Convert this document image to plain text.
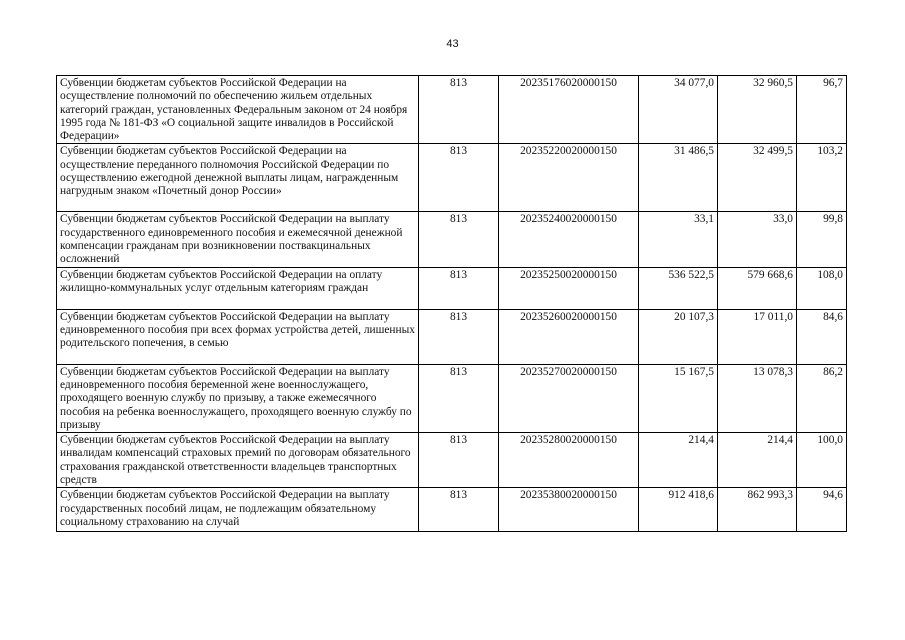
43
Субвенции бюджетам субъектов Российской Федерации на осуществление полномочий по обеспечению жильем отдельных категорий граждан, установленных Федеральным законом от 24 ноября 1995 года № 181-ФЗ «О социальной защите инвалидов в Российской Федерации»	813	20235176020000150	34 077,0	32 960,5	96,7
Субвенции бюджетам субъектов Российской Федерации на осуществление переданного полномочия Российской Федерации по осуществлению ежегодной денежной выплаты лицам, награжденным нагрудным знаком «Почетный донор России»	813	20235220020000150	31 486,5	32 499,5	103,2
Субвенции бюджетам субъектов Российской Федерации на выплату государственного единовременного пособия и ежемесячной денежной компенсации гражданам при возникновении поствакцинальных осложнений	813	20235240020000150	33,1	33,0	99,8
Субвенции бюджетам субъектов Российской Федерации на оплату жилищно-коммунальных услуг отдельным категориям граждан	813	20235250020000150	536 522,5	579 668,6	108,0
Субвенции бюджетам субъектов Российской Федерации на выплату единовременного пособия при всех формах устройства детей, лишенных родительского попечения, в семью	813	20235260020000150	20 107,3	17 011,0	84,6
Субвенции бюджетам субъектов Российской Федерации на выплату единовременного пособия беременной жене военнослужащего, проходящего военную службу по призыву, а также ежемесячного пособия на ребенка военнослужащего, проходящего военную службу по призыву	813	20235270020000150	15 167,5	13 078,3	86,2
Субвенции бюджетам субъектов Российской Федерации на выплату инвалидам компенсаций страховых премий по договорам обязательного страхования гражданской ответственности владельцев транспортных средств	813	20235280020000150	214,4	214,4	100,0
Субвенции бюджетам субъектов Российской Федерации на выплату государственных пособий лицам, не подлежащим обязательному социальному страхованию на случай	813	20235380020000150	912 418,6	862 993,3	94,6
